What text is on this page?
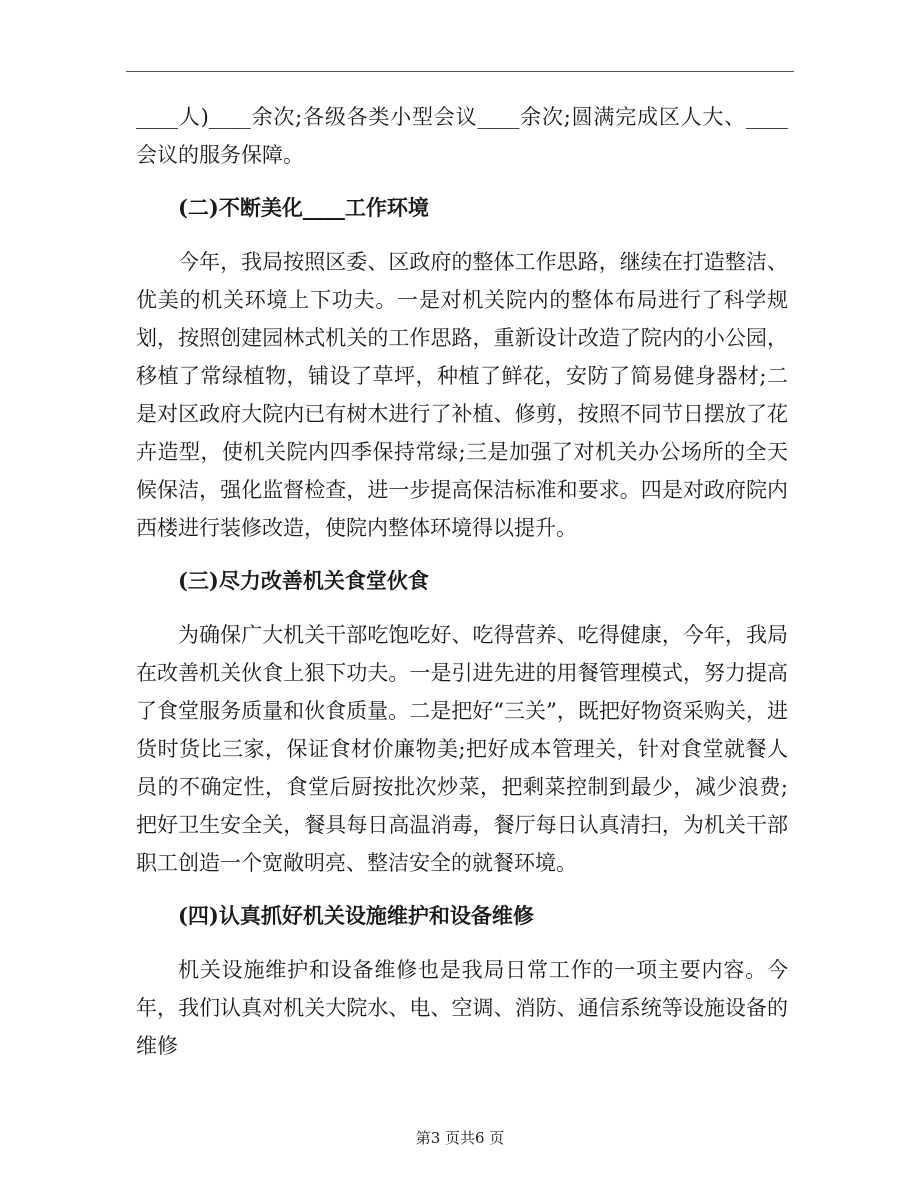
____人)____余次;各级各类小型会议____余次;圆满完成区人大、____会议的服务保障。

(二)不断美化____工作环境

今年，我局按照区委、区政府的整体工作思路，继续在打造整洁、优美的机关环境上下功夫。一是对机关院内的整体布局进行了科学规划，按照创建园林式机关的工作思路，重新设计改造了院内的小公园，移植了常绿植物，铺设了草坪，种植了鲜花，安防了简易健身器材;二是对区政府大院内已有树木进行了补植、修剪，按照不同节日摆放了花卉造型，使机关院内四季保持常绿;三是加强了对机关办公场所的全天候保洁，强化监督检查，进一步提高保洁标准和要求。四是对政府院内西楼进行装修改造，使院内整体环境得以提升。

(三)尽力改善机关食堂伙食

为确保广大机关干部吃饱吃好、吃得营养、吃得健康，今年，我局在改善机关伙食上狠下功夫。一是引进先进的用餐管理模式，努力提高了食堂服务质量和伙食质量。二是把好“三关”，既把好物资采购关，进货时货比三家，保证食材价廉物美;把好成本管理关，针对食堂就餐人员的不确定性，食堂后厨按批次炒菜，把剩菜控制到最少，减少浪费;把好卫生安全关，餐具每日高温消毒，餐厅每日认真清扫，为机关干部职工创造一个宽敞明亮、整洁安全的就餐环境。

(四)认真抓好机关设施维护和设备维修

机关设施维护和设备维修也是我局日常工作的一项主要内容。今年，我们认真对机关大院水、电、空调、消防、通信系统等设施设备的维修

第3 页共6 页
